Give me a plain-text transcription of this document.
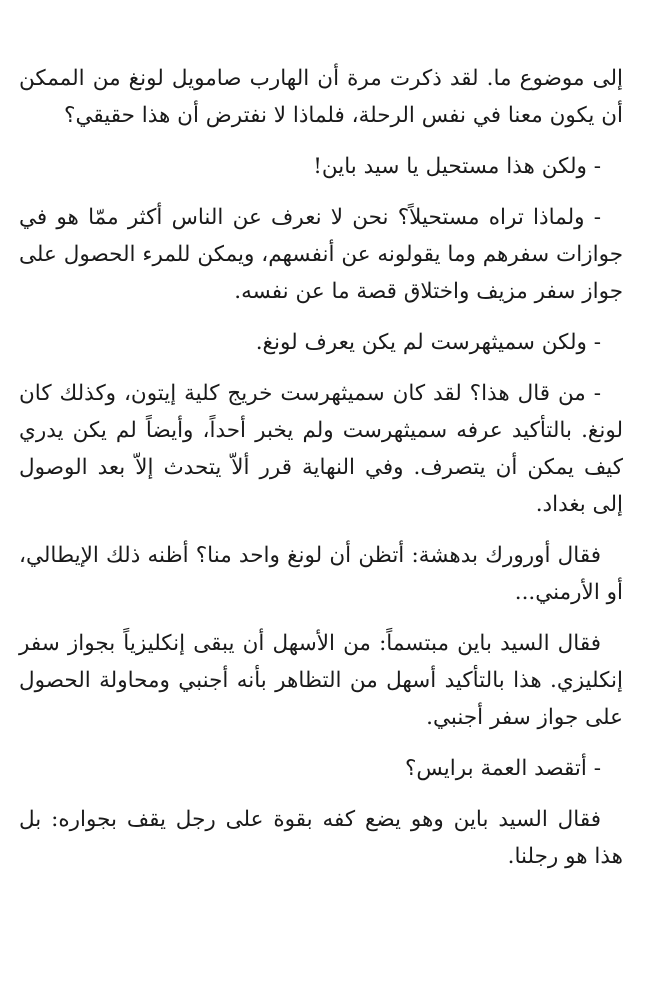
إلى موضوع ما. لقد ذكرت مرة أن الهارب صامويل لونغ من الممكن أن يكون معنا في نفس الرحلة، فلماذا لا نفترض أن هذا حقيقي؟

- ولكن هذا مستحيل يا سيد باين!

- ولماذا تراه مستحيلاً؟ نحن لا نعرف عن الناس أكثر ممّا هو في جوازات سفرهم وما يقولونه عن أنفسهم، ويمكن للمرء الحصول على جواز سفر مزيف واختلاق قصة ما عن نفسه.

- ولكن سميثهرست لم يكن يعرف لونغ.

- من قال هذا؟ لقد كان سميثهرست خريج كلية إيتون، وكذلك كان لونغ. بالتأكيد عرفه سميثهرست ولم يخبر أحداً، وأيضاً لم يكن يدري كيف يمكن أن يتصرف. وفي النهاية قرر ألاّ يتحدث إلاّ بعد الوصول إلى بغداد.

فقال أورورك بدهشة: أتظن أن لونغ واحد منا؟ أظنه ذلك الإيطالي، أو الأرمني...

فقال السيد باين مبتسماً: من الأسهل أن يبقى إنكليزياً بجواز سفر إنكليزي. هذا بالتأكيد أسهل من التظاهر بأنه أجنبي ومحاولة الحصول على جواز سفر أجنبي.

- أتقصد العمة برايس؟

فقال السيد باين وهو يضع كفه بقوة على رجل يقف بجواره: بل هذا هو رجلنا.
